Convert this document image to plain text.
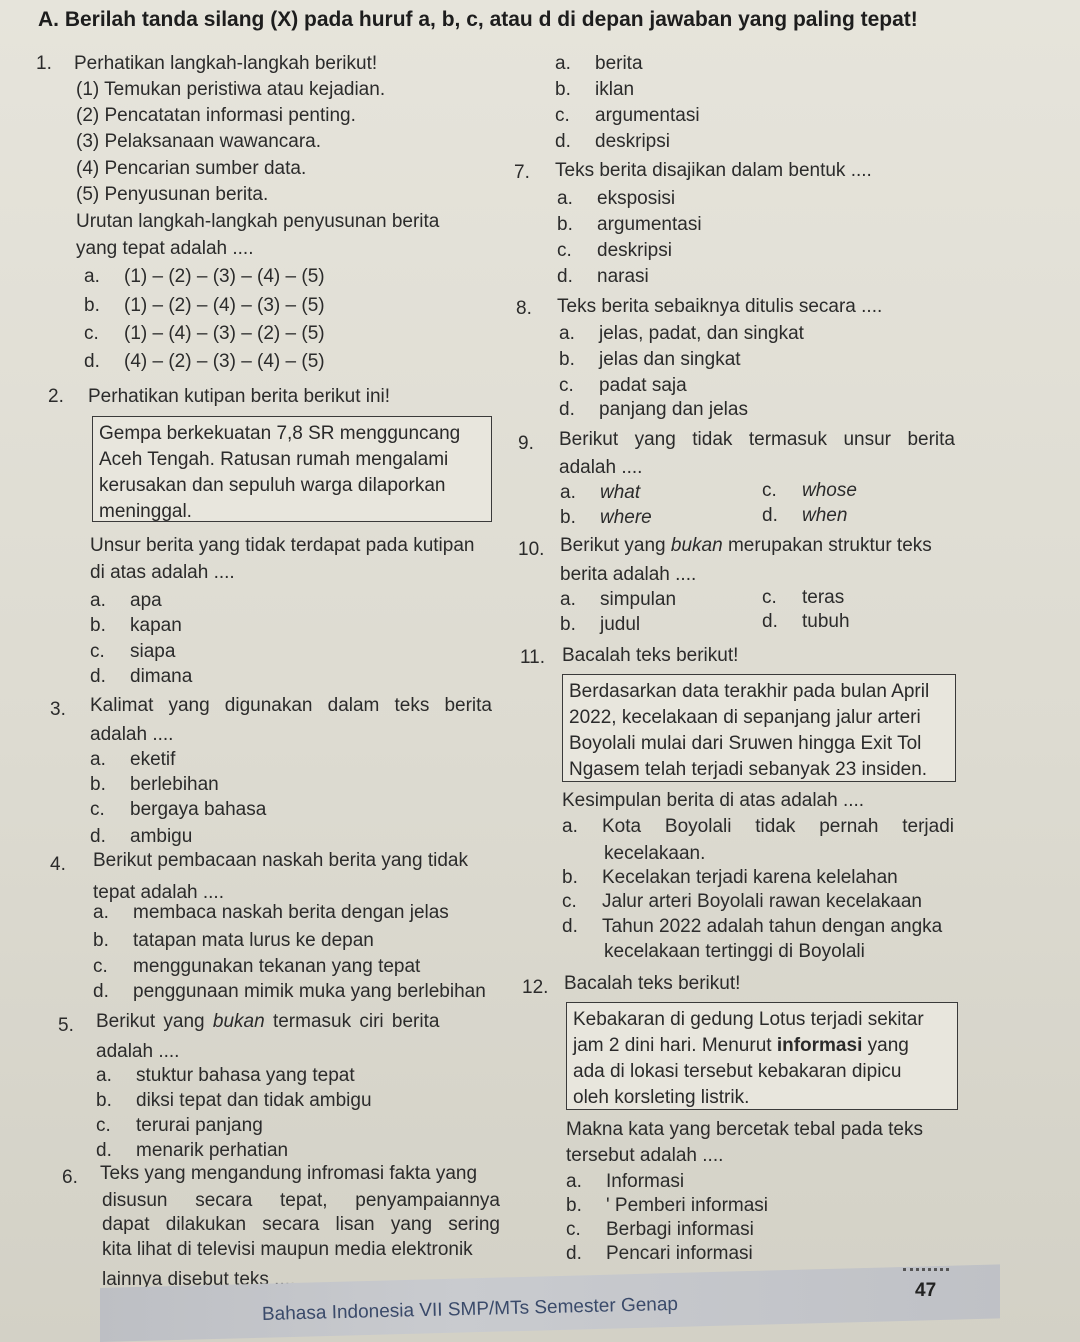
A. Berilah tanda silang (X) pada huruf a, b, c, atau d di depan jawaban yang paling tepat!
1. Perhatikan langkah-langkah berikut!
(1) Temukan peristiwa atau kejadian.
(2) Pencatatan informasi penting.
(3) Pelaksanaan wawancara.
(4) Pencarian sumber data.
(5) Penyusunan berita.
Urutan langkah-langkah penyusunan berita
yang tepat adalah ....
a. (1) – (2) – (3) – (4) – (5)
b. (1) – (2) – (4) – (3) – (5)
c. (1) – (4) – (3) – (2) – (5)
d. (4) – (2) – (3) – (4) – (5)
2. Perhatikan kutipan berita berikut ini!

Gempa berkekuatan 7,8 SR mengguncang

Aceh Tengah. Ratusan rumah mengalami

kerusakan dan sepuluh warga dilaporkan

meninggal.

Unsur berita yang tidak terdapat pada kutipan
di atas adalah ....
a. apa
b. kapan
c. siapa
d. dimana
3. Kalimat yang digunakan dalam teks berita
adalah ....
a. eketif
b. berlebihan
c. bergaya bahasa
d. ambigu
4. Berikut pembacaan naskah berita yang tidak
tepat adalah ....
a. membaca naskah berita dengan jelas
b. tatapan mata lurus ke depan
c. menggunakan tekanan yang tepat
d. penggunaan mimik muka yang berlebihan
5. Berikut yang bukan termasuk ciri berita
adalah ....
a. stuktur bahasa yang tepat
b. diksi tepat dan tidak ambigu
c. terurai panjang
d. menarik perhatian
6. Teks yang mengandung infromasi fakta yang
disusun secara tepat, penyampaiannya
dapat dilakukan secara lisan yang sering
kita lihat di televisi maupun media elektronik
lainnya disebut teks ....
a. berita
b. iklan
c. argumentasi
d. deskripsi
7. Teks berita disajikan dalam bentuk ....
a. eksposisi
b. argumentasi
c. deskripsi
d. narasi
8. Teks berita sebaiknya ditulis secara ....
a. jelas, padat, dan singkat
b. jelas dan singkat
c. padat saja
d. panjang dan jelas
9. Berikut yang tidak termasuk unsur berita
adalah ....
a. what
b. where
c. whose
d. when
10. Berikut yang bukan merupakan struktur teks
berita adalah ....
a. simpulan
b. judul
c. teras
d. tubuh
11. Bacalah teks berikut!

Berdasarkan data terakhir pada bulan April

2022, kecelakaan di sepanjang jalur arteri

Boyolali mulai dari Sruwen hingga Exit Tol

Ngasem telah terjadi sebanyak 23 insiden.

Kesimpulan berita di atas adalah ....
a. Kota Boyolali tidak pernah terjadi
kecelakaan.
b. Kecelakan terjadi karena kelelahan
c. Jalur arteri Boyolali rawan kecelakaan
d. Tahun 2022 adalah tahun dengan angka
kecelakaan tertinggi di Boyolali
12. Bacalah teks berikut!

Kebakaran di gedung Lotus terjadi sekitar

jam 2 dini hari. Menurut informasi yang

ada di lokasi tersebut kebakaran dipicu

oleh korsleting listrik.

Makna kata yang bercetak tebal pada teks
tersebut adalah ....
a. Informasi
b. ' Pemberi informasi
c. Berbagi informasi
d. Pencari informasi
Bahasa Indonesia VII SMP/MTs Semester Genap
47
